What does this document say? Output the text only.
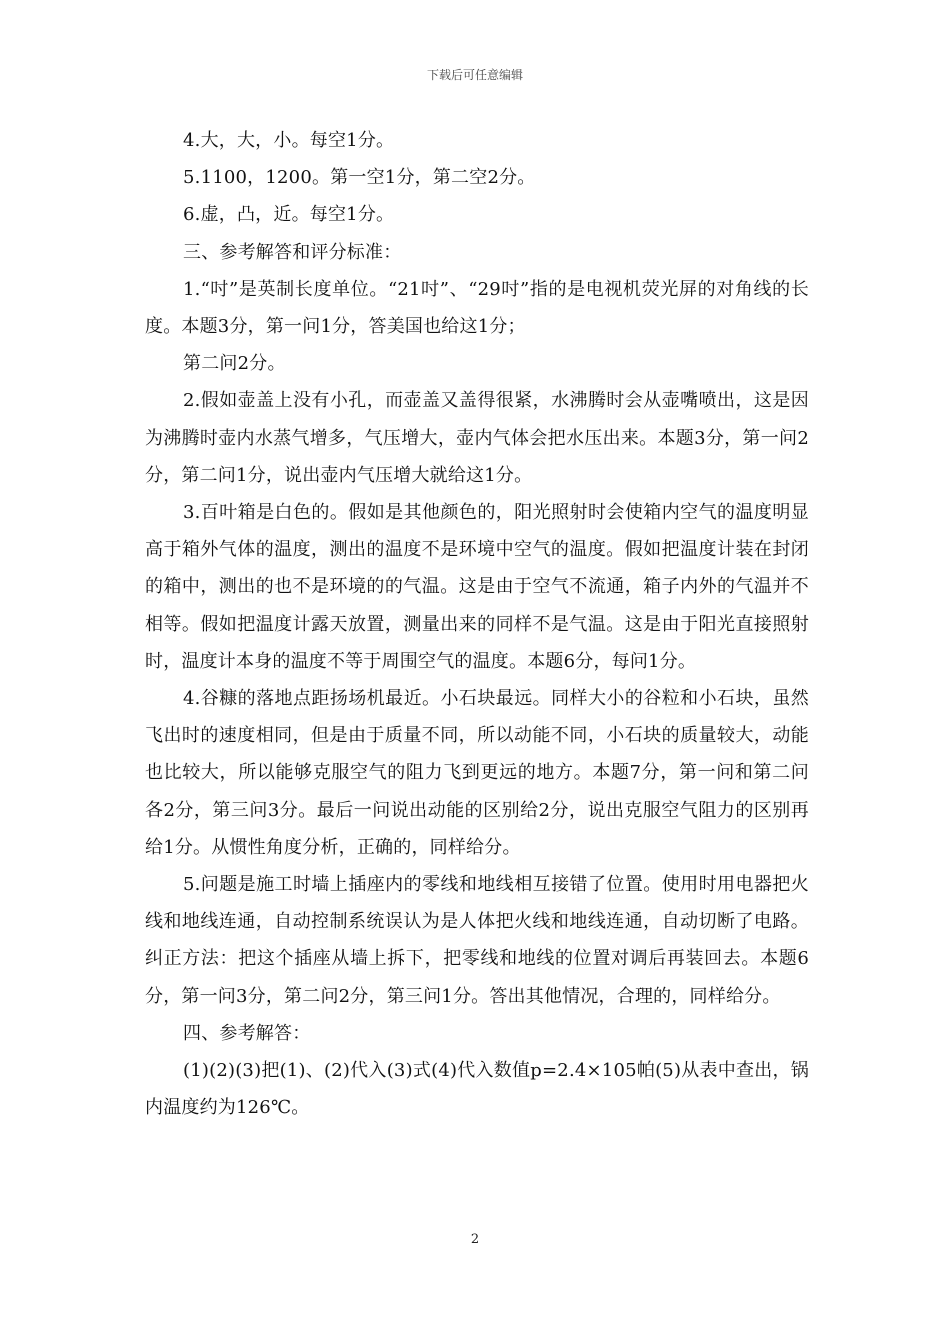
下载后可任意编辑

4.大，大，小。每空1分。

5.1100，1200。第一空1分，第二空2分。

6.虚，凸，近。每空1分。

三、参考解答和评分标准：

1.“吋”是英制长度单位。“21吋”、“29吋”指的是电视机荧光屏的对角线的长度。本题3分，第一问1分，答美国也给这1分；

第二问2分。

2.假如壶盖上没有小孔，而壶盖又盖得很紧，水沸腾时会从壶嘴喷出，这是因为沸腾时壶内水蒸气增多，气压增大，壶内气体会把水压出来。本题3分，第一问2分，第二问1分，说出壶内气压增大就给这1分。

3.百叶箱是白色的。假如是其他颜色的，阳光照射时会使箱内空气的温度明显高于箱外气体的温度，测出的温度不是环境中空气的温度。假如把温度计装在封闭的箱中，测出的也不是环境的的气温。这是由于空气不流通，箱子内外的气温并不相等。假如把温度计露天放置，测量出来的同样不是气温。这是由于阳光直接照射时，温度计本身的温度不等于周围空气的温度。本题6分，每问1分。

4.谷糠的落地点距扬场机最近。小石块最远。同样大小的谷粒和小石块，虽然飞出时的速度相同，但是由于质量不同，所以动能不同，小石块的质量较大，动能也比较大，所以能够克服空气的阻力飞到更远的地方。本题7分，第一问和第二问各2分，第三问3分。最后一问说出动能的区别给2分，说出克服空气阻力的区别再给1分。从惯性角度分析，正确的，同样给分。

5.问题是施工时墙上插座内的零线和地线相互接错了位置。使用时用电器把火线和地线连通，自动控制系统误认为是人体把火线和地线连通，自动切断了电路。纠正方法：把这个插座从墙上拆下，把零线和地线的位置对调后再装回去。本题6分，第一问3分，第二问2分，第三问1分。答出其他情况，合理的，同样给分。

四、参考解答：

(1)(2)(3)把(1)、(2)代入(3)式(4)代入数值p=2.4×105帕(5)从表中查出，锅内温度约为126℃。

2
